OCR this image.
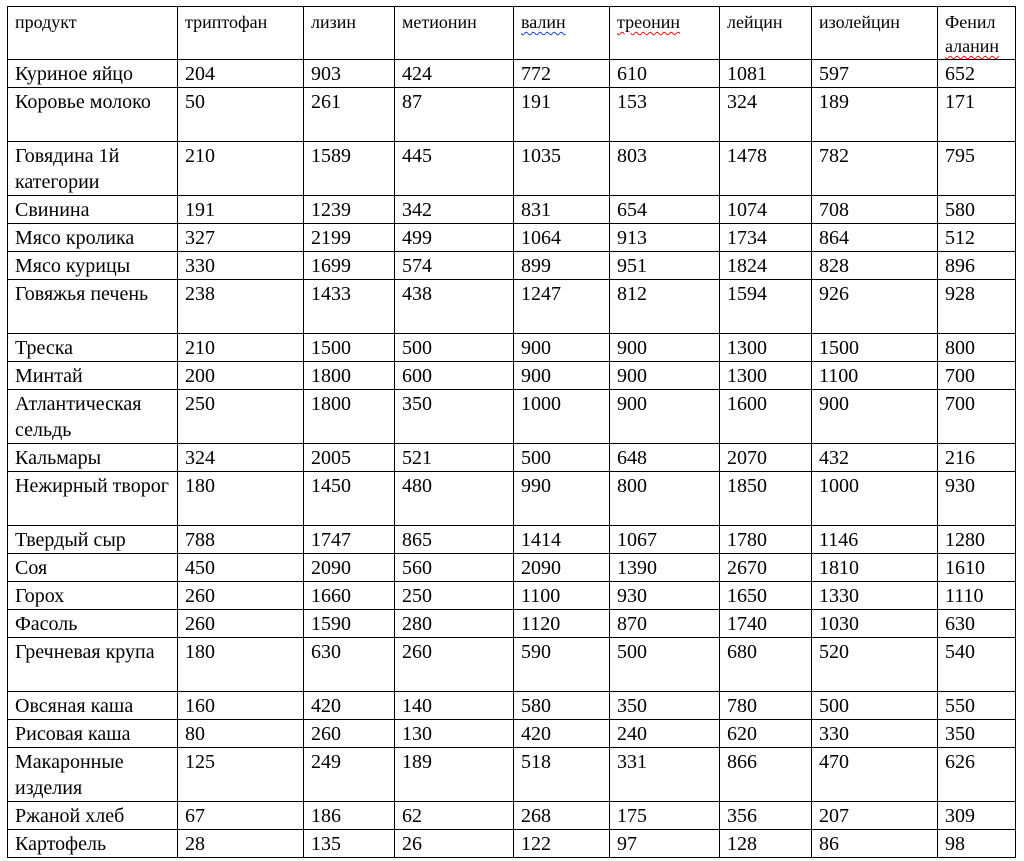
продукт	триптофан	лизин	метионин	валин	треонин	лейцин	изолейцин	Фенил
аланин
Куриное яйцо	204	903	424	772	610	1081	597	652
Коровье молоко	50	261	87	191	153	324	189	171
Говядина 1й категории	210	1589	445	1035	803	1478	782	795
Свинина	191	1239	342	831	654	1074	708	580
Мясо кролика	327	2199	499	1064	913	1734	864	512
Мясо курицы	330	1699	574	899	951	1824	828	896
Говяжья печень	238	1433	438	1247	812	1594	926	928
Треска	210	1500	500	900	900	1300	1500	800
Минтай	200	1800	600	900	900	1300	1100	700
Атлантическая сельдь	250	1800	350	1000	900	1600	900	700
Кальмары	324	2005	521	500	648	2070	432	216
Нежирный творог	180	1450	480	990	800	1850	1000	930
Твердый сыр	788	1747	865	1414	1067	1780	1146	1280
Соя	450	2090	560	2090	1390	2670	1810	1610
Горох	260	1660	250	1100	930	1650	1330	1110
Фасоль	260	1590	280	1120	870	1740	1030	630
Гречневая крупа	180	630	260	590	500	680	520	540
Овсяная каша	160	420	140	580	350	780	500	550
Рисовая каша	80	260	130	420	240	620	330	350
Макаронные изделия	125	249	189	518	331	866	470	626
Ржаной хлеб	67	186	62	268	175	356	207	309
Картофель	28	135	26	122	97	128	86	98
